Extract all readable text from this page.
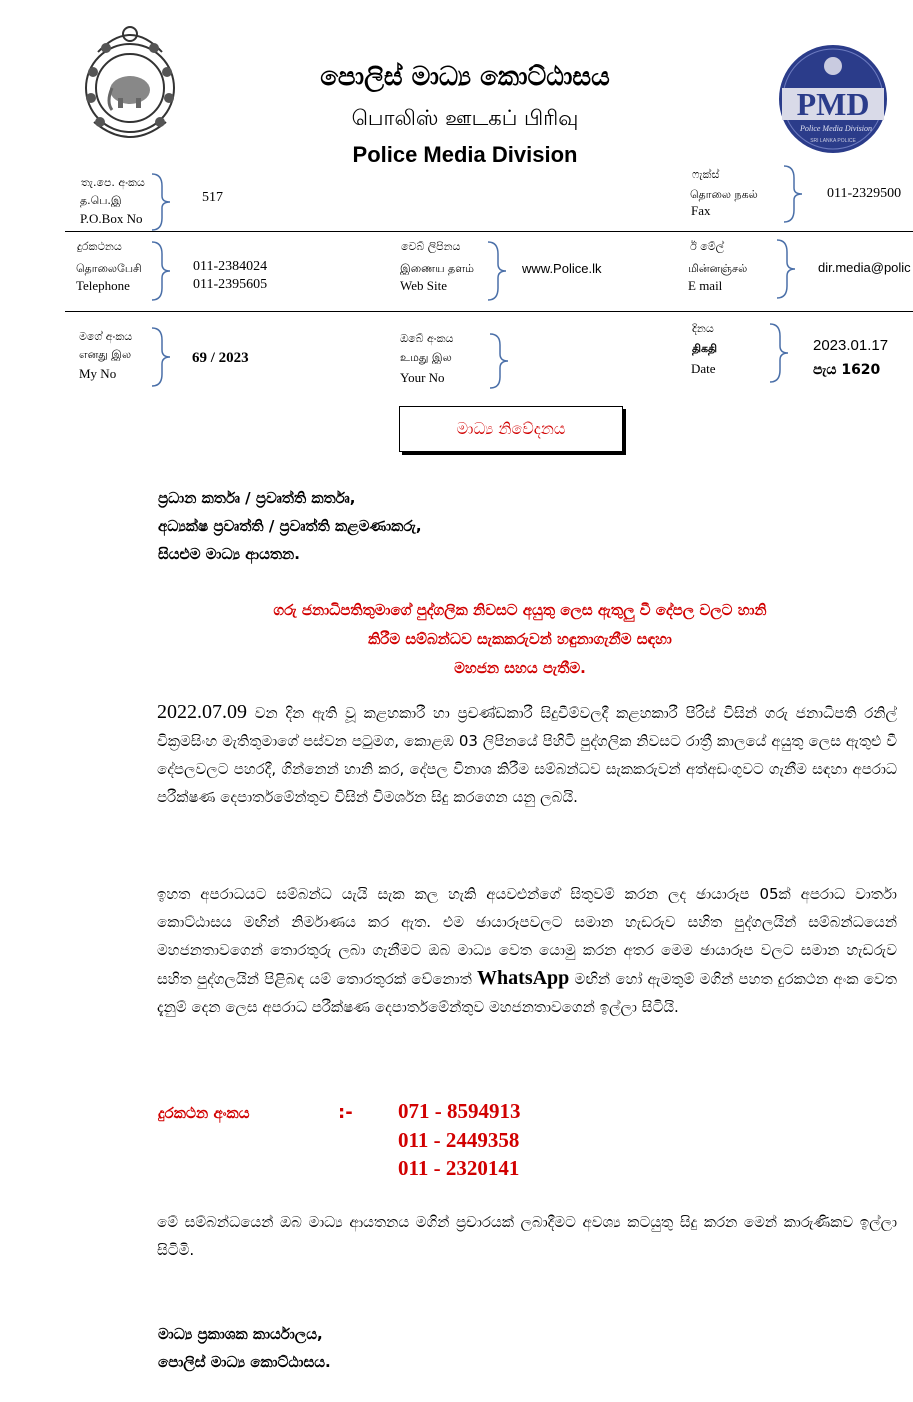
පොලිස් මාධ්‍ය කොට්ඨාසය
பொலிஸ் ஊடகப் பிரிவு
Police Media Division
PMD
Police Media Division
SRI LANKA POLICE
තැ.පෙ. අංකය
த.பெ.இ
P.O.Box No
517
ෆැක්ස්
தொலை நகல்
Fax
011-2329500
දුරකථනය
தொலைபேசி
Telephone
011-2384024
011-2395605
වෙබ් ලිපිනය
இணைய தளம்
Web Site
www.Police.lk
ඊ මේල්
மின்னஞ்சல்
E mail
dir.media@polic
මගේ අංකය
எனது இல
My No
69 / 2023
ඔබේ අංකය
உமது இல
Your No
දිනය
திகதி
Date
2023.01.17
පැය 1620
මාධ්‍ය නිවේදනය
ප්‍රධාන කර්තෘ / ප්‍රවෘත්ති කර්තෘ,
අධ්‍යක්ෂ ප්‍රවෘත්ති / ප්‍රවෘත්ති කළමණාකරු,
සියළුම මාධ්‍ය ආයතන.
ගරු ජනාධිපතිතුමාගේ පුද්ගලික නිවසට අයුතු ලෙස ඇතුලු වී දේපල වලට හානි
කිරීම සම්බන්ධව සැකකරුවන් හඳුනාගැනීම සඳහා
මහජන සහය පැතීම.
2022.07.09 වන දින ඇති වූ කළහකාරී හා ප්‍රචණ්ඩකාරී සිදුවීම්වලදී කළහකාරී පිරිස් විසින් ගරු ජනාධිපති රනිල් වික්‍රමසිංහ මැතිතුමාගේ පස්වන පටුමග, කොළඹ 03 ලිපිනයේ පිහිටි පුද්ගලික නිවසට රාත්‍රී කාලයේ අයුතු ලෙස ඇතුළු වී දේපලවලට පහරදී, ගින්නෙන් හානි කර, දේපල විනාශ කිරීම සම්බන්ධව සැකකරුවන් අත්අඩංගුවට ගැනීම සඳහා අපරාධ පරීක්ෂණ දෙපාර්තමේන්තුව විසින් විමර්ශන සිදු කරගෙන යනු ලබයි.
ඉහත අපරාධයට සම්බන්ධ යැයි සැක කල හැකි අයවළුන්ගේ සිතුවම් කරන ලද ඡායාරූප 05ක් අපරාධ වාර්තා කොට්ඨාසය මඟින් නිර්මාණය කර ඇත. එම ඡායාරූපවලට සමාන හැඩරුව සහිත පුද්ගලයින් සම්බන්ධයෙන් මහජනතාවගෙන් තොරතුරු ලබා ගැනීමට ඔබ මාධ්‍ය වෙත යොමු කරන අතර මෙම ඡායාරූප වලට සමාන හැඩරුව සහිත පුද්ගලයින් පිළිබඳ යම් තොරතුරක් වේනොත් WhatsApp මඟින් හෝ ඇමතුම් මගින් පහත දුරකථන අංක වෙත දැනුම් දෙන ලෙස අපරාධ පරීක්ෂණ දෙපාර්තමේන්තුව මහජනතාවගෙන් ඉල්ලා සිටියි.
දුරකථන අංකය	:- 071 - 8594913
011 - 2449358
011 - 2320141
මේ සම්බන්ධයෙන් ඔබ මාධ්‍ය ආයතනය මගින් ප්‍රචාරයක් ලබාදීමට අවශ්‍ය කටයුතු සිදු කරන මෙන් කාරුණිකව ඉල්ලා සිටිමි.
මාධ්‍ය ප්‍රකාශක කාර්යාලය,
පොලිස් මාධ්‍ය කොට්ඨාසය.
